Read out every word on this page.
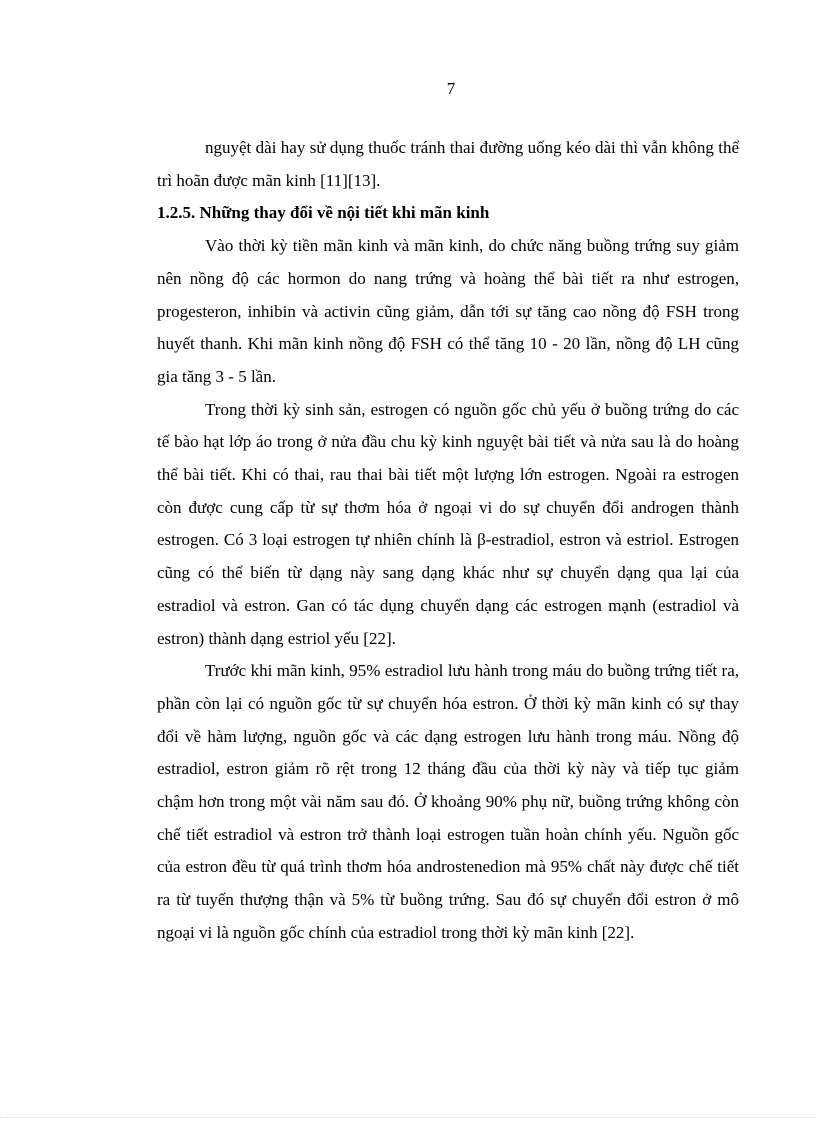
7

nguyệt dài hay sử dụng thuốc tránh thai đường uống kéo dài thì vẫn không thể trì hoãn được mãn kinh [11][13].

1.2.5. Những thay đổi về nội tiết khi mãn kinh

Vào thời kỳ tiền mãn kinh và mãn kinh, do chức năng buồng trứng suy giảm nên nồng độ các hormon do nang trứng và hoàng thể bài tiết ra như estrogen, progesteron, inhibin và activin cũng giảm, dẫn tới sự tăng cao nồng độ FSH trong huyết thanh. Khi mãn kinh nồng độ FSH có thể tăng 10 - 20 lần, nồng độ LH cũng gia tăng 3 - 5 lần.

Trong thời kỳ sinh sản, estrogen có nguồn gốc chủ yếu ở buồng trứng do các tế bào hạt lớp áo trong ở nửa đầu chu kỳ kinh nguyệt bài tiết và nửa sau là do hoàng thể bài tiết. Khi có thai, rau thai bài tiết một lượng lớn estrogen. Ngoài ra estrogen còn được cung cấp từ sự thơm hóa ở ngoại vi do sự chuyển đổi androgen thành estrogen. Có 3 loại estrogen tự nhiên chính là β-estradiol, estron và estriol. Estrogen cũng có thể biến từ dạng này sang dạng khác như sự chuyển dạng qua lại của estradiol và estron. Gan có tác dụng chuyển dạng các estrogen mạnh (estradiol và estron) thành dạng estriol yếu [22].

Trước khi mãn kinh, 95% estradiol lưu hành trong máu do buồng trứng tiết ra, phần còn lại có nguồn gốc từ sự chuyển hóa estron. Ở thời kỳ mãn kinh có sự thay đổi về hàm lượng, nguồn gốc và các dạng estrogen lưu hành trong máu. Nồng độ estradiol, estron giảm rõ rệt trong 12 tháng đầu của thời kỳ này và tiếp tục giảm chậm hơn trong một vài năm sau đó. Ở khoảng 90% phụ nữ, buồng trứng không còn chế tiết estradiol và estron trở thành loại estrogen tuần hoàn chính yếu. Nguồn gốc của estron đều từ quá trình thơm hóa androstenedion mà 95% chất này được chế tiết ra từ tuyến thượng thận và 5% từ buồng trứng. Sau đó sự chuyển đổi estron ở mô ngoại vi là nguồn gốc chính của estradiol trong thời kỳ mãn kinh [22].
